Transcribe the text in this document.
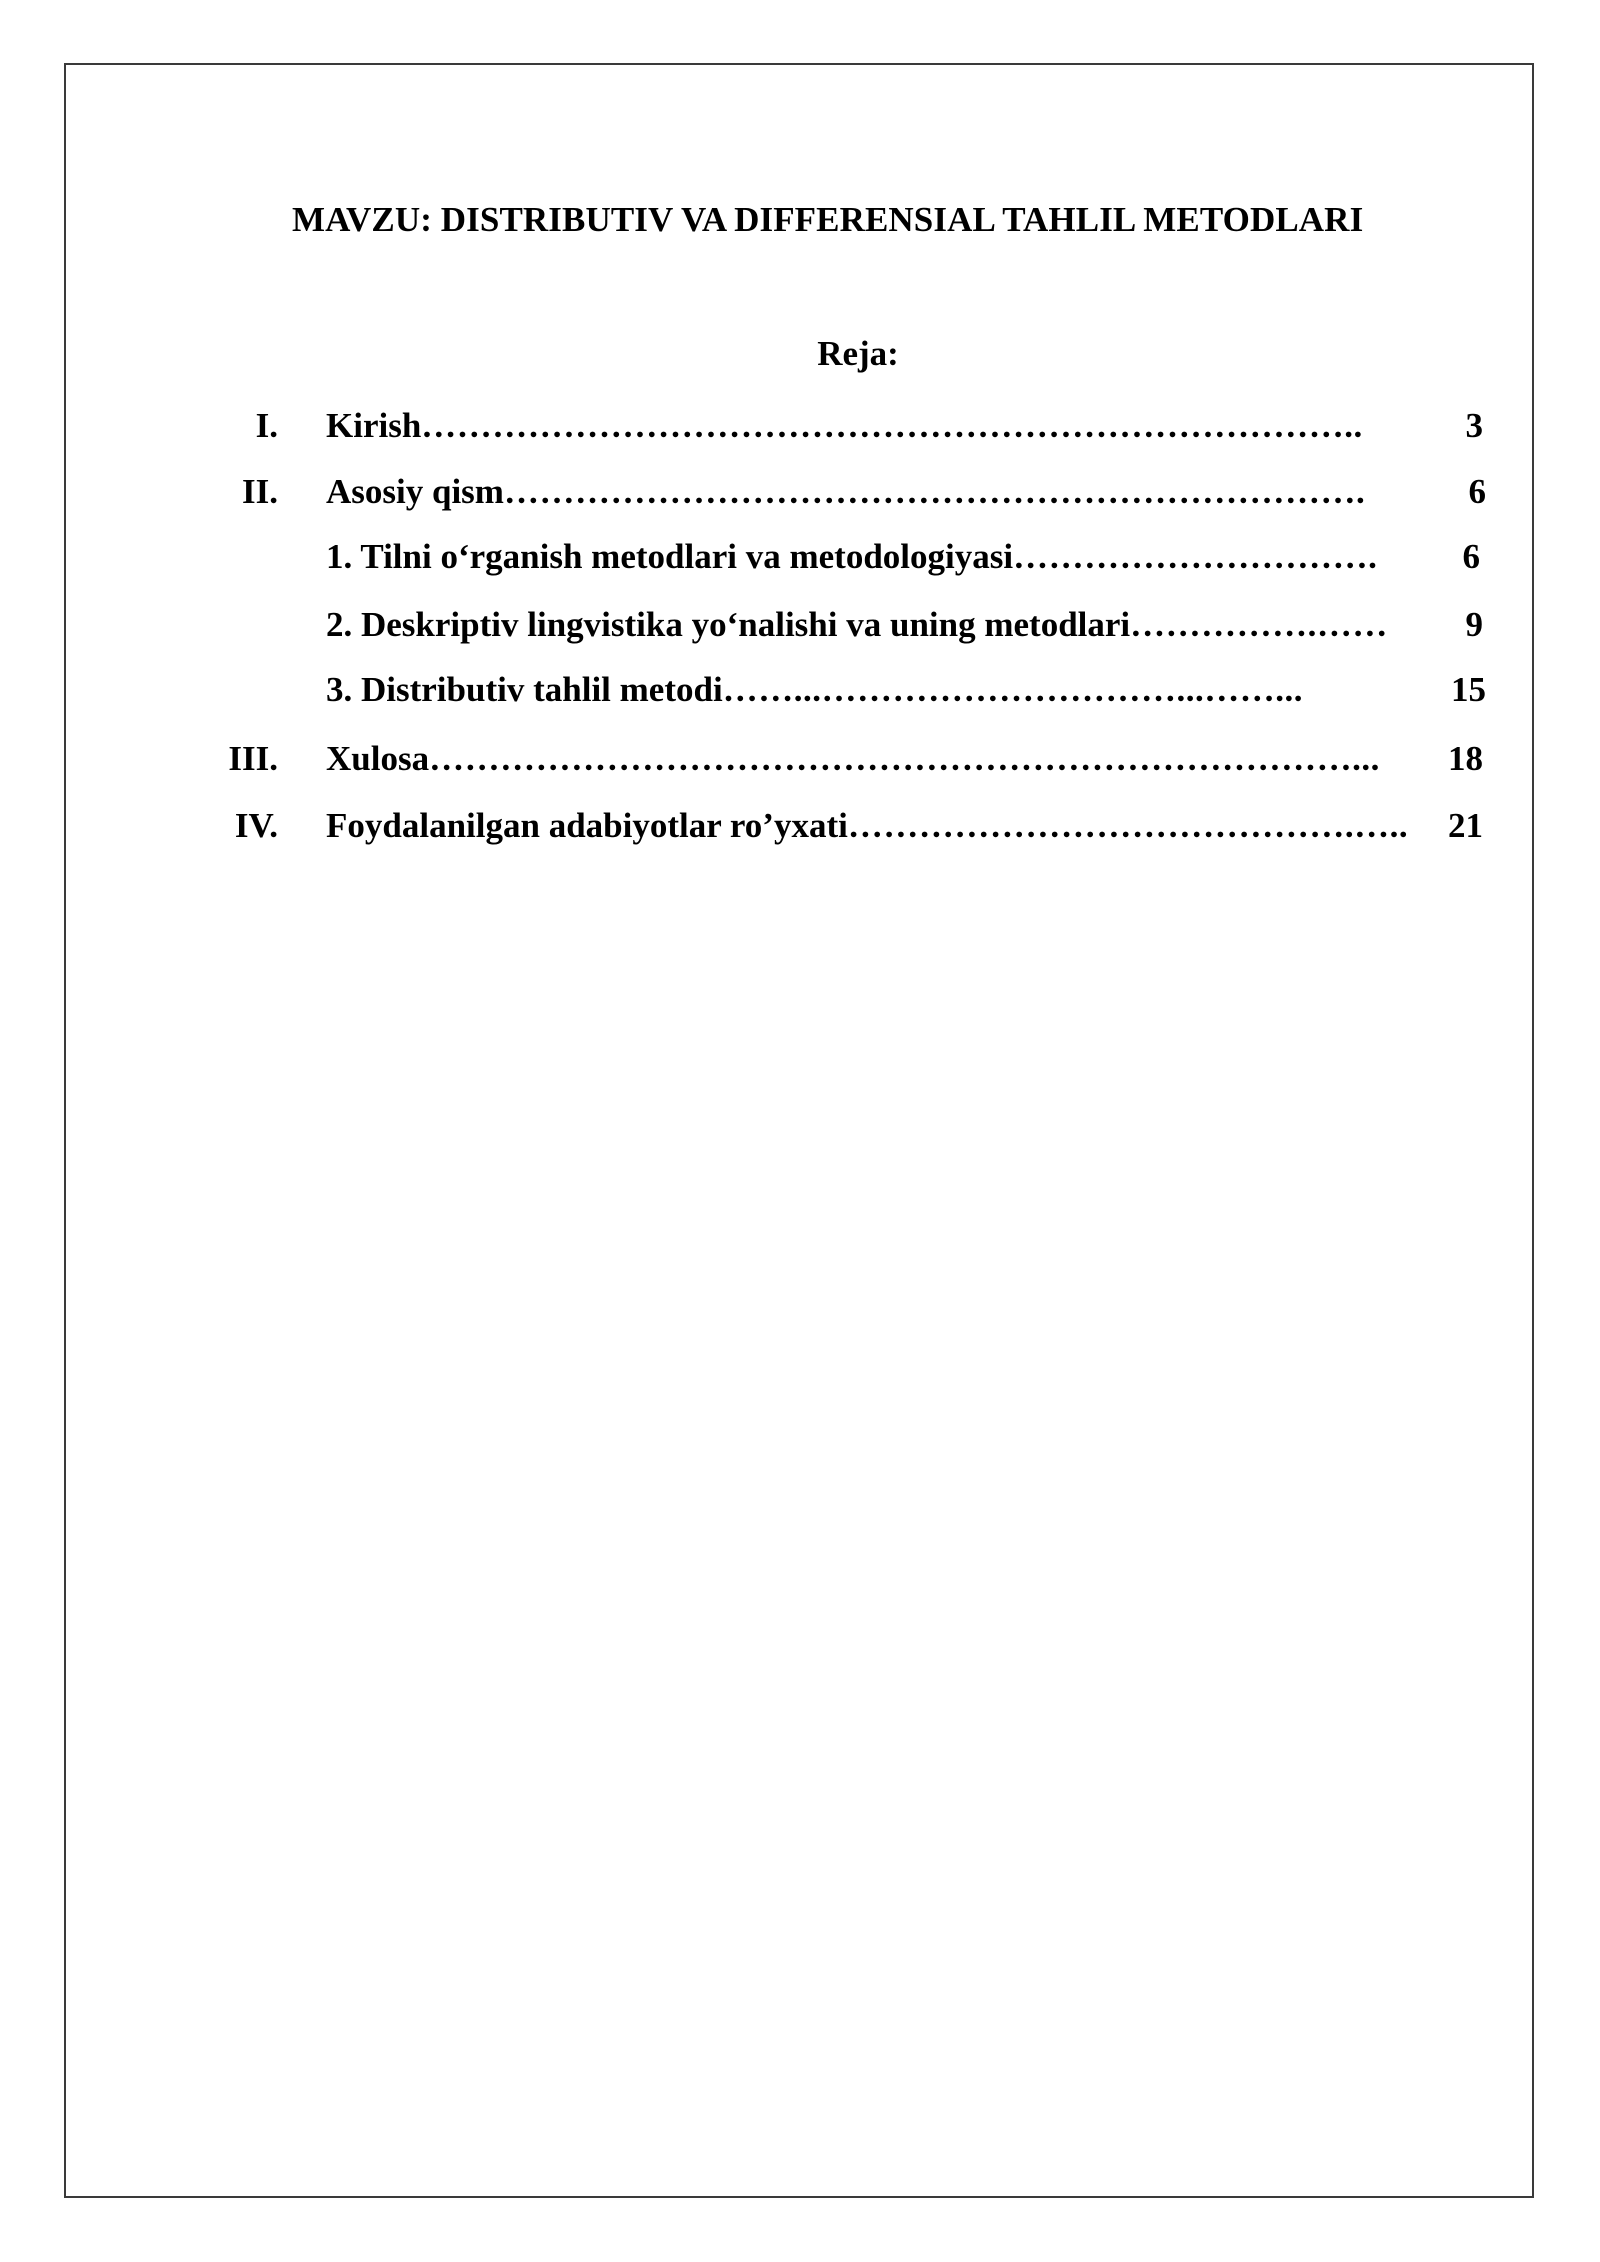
MAVZU: DISTRIBUTIV VA DIFFERENSIAL TAHLIL METODLARI
Reja:
I. Kirish ……………………………………………………………………..	3
II. Asosiy qism ……………………………………………………………….	6
1. Tilni o‘rganish metodlari va metodologiyasi ………………………….	6
2. Deskriptiv lingvistika yo‘nalishi va uning metodlari …………….……	9
3. Distributiv tahlil metodi ……...…………………………...……...	15
III. Xulosa ……………………………………………………………………...	18
IV. Foydalanilgan adabiyotlar ro’yxati …………………………………….…..	21
